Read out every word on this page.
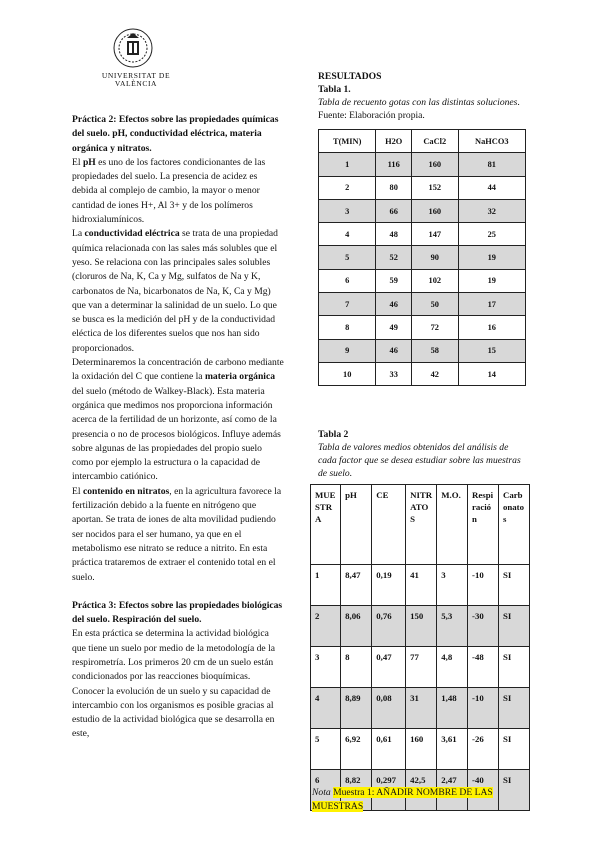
UNIVERSITAT DE VALÈNCIA

Práctica 2: Efectos sobre las propiedades químicas del suelo. pH, conductividad eléctrica, materia orgánica y nitratos.

El pH es uno de los factores condicionantes de las propiedades del suelo. La presencia de acidez es debida al complejo de cambio, la mayor o menor cantidad de iones H+, Al 3+ y de los polímeros hidroxialumínicos.

La conductividad eléctrica se trata de una propiedad química relacionada con las sales más solubles que el yeso. Se relaciona con las principales sales solubles (cloruros de Na, K, Ca y Mg, sulfatos de Na y K, carbonatos de Na, bicarbonatos de Na, K, Ca y Mg) que van a determinar la salinidad de un suelo. Lo que se busca es la medición del pH y de la conductividad eléctica de los diferentes suelos que nos han sido proporcionados.

Determinaremos la concentración de carbono mediante la oxidación del C que contiene la materia orgánica del suelo (método de Walkey-Black). Esta materia orgánica que medimos nos proporciona información acerca de la fertilidad de un horizonte, así como de la presencia o no de procesos biológicos. Influye además sobre algunas de las propiedades del propio suelo como por ejemplo la estructura o la capacidad de intercambio catiónico.

El contenido en nitratos, en la agricultura favorece la fertilización debido a la fuente en nitrógeno que aportan. Se trata de iones de alta movilidad pudiendo ser nocidos para el ser humano, ya que en el metabolismo ese nitrato se reduce a nitrito. En esta práctica trataremos de extraer el contenido total en el suelo.

Práctica 3: Efectos sobre las propiedades biológicas del suelo. Respiración del suelo.

En esta práctica se determina la actividad biológica que tiene un suelo por medio de la metodología de la respirometría. Los primeros 20 cm de un suelo están condicionados por las reacciones bioquímicas. Conocer la evolución de un suelo y su capacidad de intercambio con los organismos es posible gracias al estudio de la actividad biológica que se desarrolla en este,

RESULTADOS
Tabla 1.
Tabla de recuento gotas con las distintas soluciones. Fuente: Elaboración propia.
T(MIN)	H2O	CaCl2	NaHCO3
1	116	160	81
2	80	152	44
3	66	160	32
4	48	147	25
5	52	90	19
6	59	102	19
7	46	50	17
8	49	72	16
9	46	58	15
10	33	42	14
Tabla 2
Tabla de valores medios obtenidos del análisis de cada factor que se desea estudiar sobre las muestras de suelo.
MUESTRA	pH	CE	NITRATOS	M.O.	Respiración	Carbonatos
1	8,47	0,19	41	3	-10	SI
2	8,06	0,76	150	5,3	-30	SI
3	8	0,47	77	4,8	-48	SI
4	8,89	0,08	31	1,48	-10	SI
5	6,92	0,61	160	3,61	-26	SI
6	8,82	0,297	42,5	2,47	-40	SI
Nota Muestra 1: AÑADIR NOMBRE DE LAS MUESTRAS
